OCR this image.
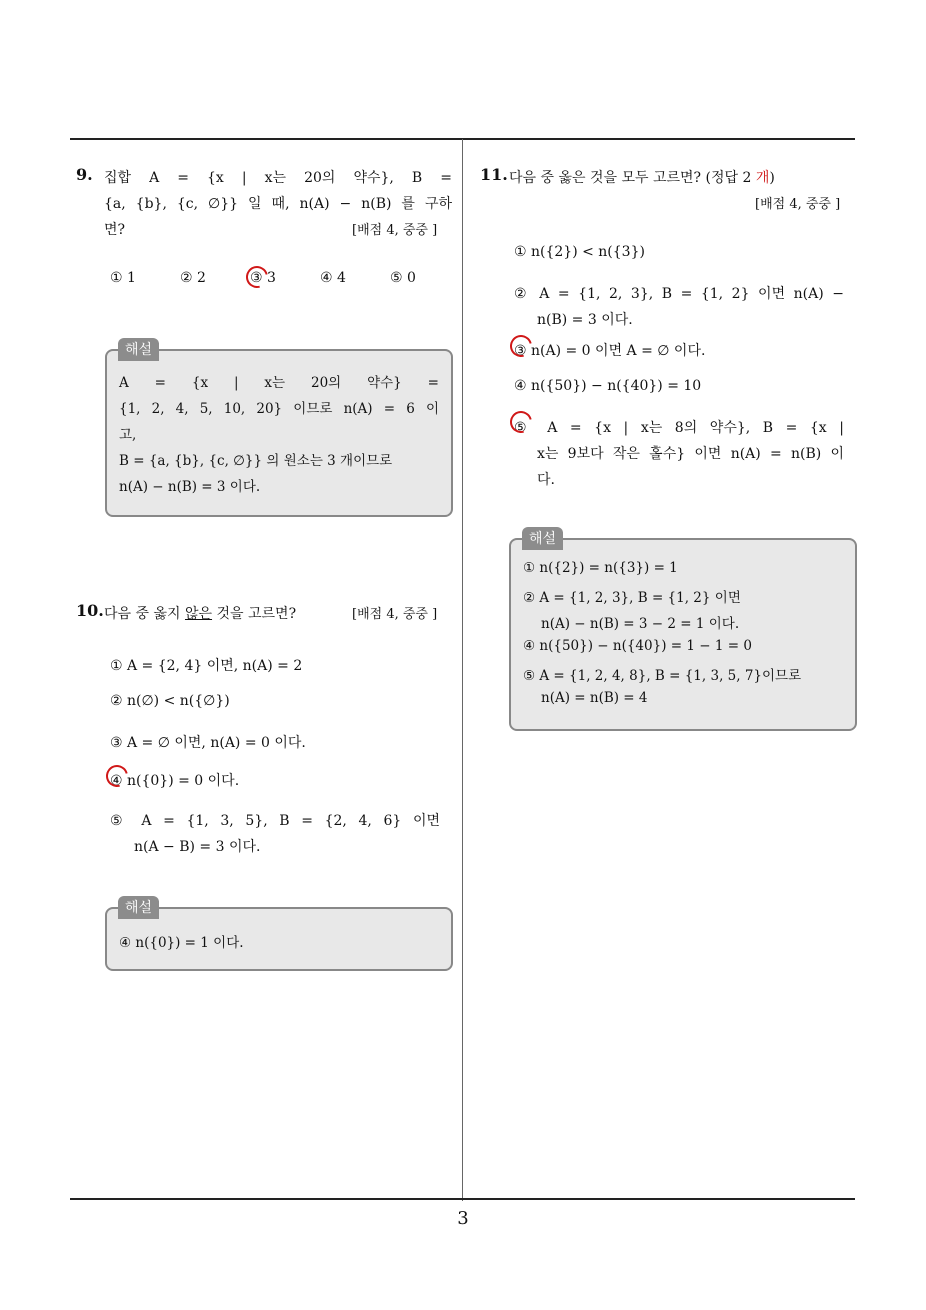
9. 집합 A = {x | x는 20의 약수}, B =
{a, {b}, {c, ∅}} 일 때, n(A) − n(B) 를 구하
면?	[배점 4, 중중 ]
① 1	② 2	③ 3	④ 4	⑤ 0
A = {x | x는 20의 약수} =
{1, 2, 4, 5, 10, 20} 이므로 n(A) = 6 이
고,
B = {a, {b}, {c, ∅}} 의 원소는 3 개이므로
n(A) − n(B) = 3 이다.
해설
10. 다음 중 옳지 않은 것을 고르면?	[배점 4, 중중 ]
① A = {2, 4} 이면, n(A) = 2
② n(∅) < n({∅})
③ A = ∅ 이면, n(A) = 0 이다.
④ n({0}) = 0 이다.
⑤ A = {1, 3, 5}, B = {2, 4, 6} 이면
n(A − B) = 3 이다.
④ n({0}) = 1 이다.
해설
11. 다음 중 옳은 것을 모두 고르면? (정답 2 개)
[배점 4, 중중 ]
① n({2}) < n({3})
② A = {1, 2, 3}, B = {1, 2} 이면 n(A) −
n(B) = 3 이다.
③ n(A) = 0 이면 A = ∅ 이다.
④ n({50}) − n({40}) = 10
⑤ A = {x | x는 8의 약수}, B = {x |
x는 9보다 작은 홀수} 이면 n(A) = n(B) 이
다.
① n({2}) = n({3}) = 1
② A = {1, 2, 3}, B = {1, 2} 이면
n(A) − n(B) = 3 − 2 = 1 이다.
④ n({50}) − n({40}) = 1 − 1 = 0
⑤ A = {1, 2, 4, 8}, B = {1, 3, 5, 7}이므로
n(A) = n(B) = 4
해설
3
